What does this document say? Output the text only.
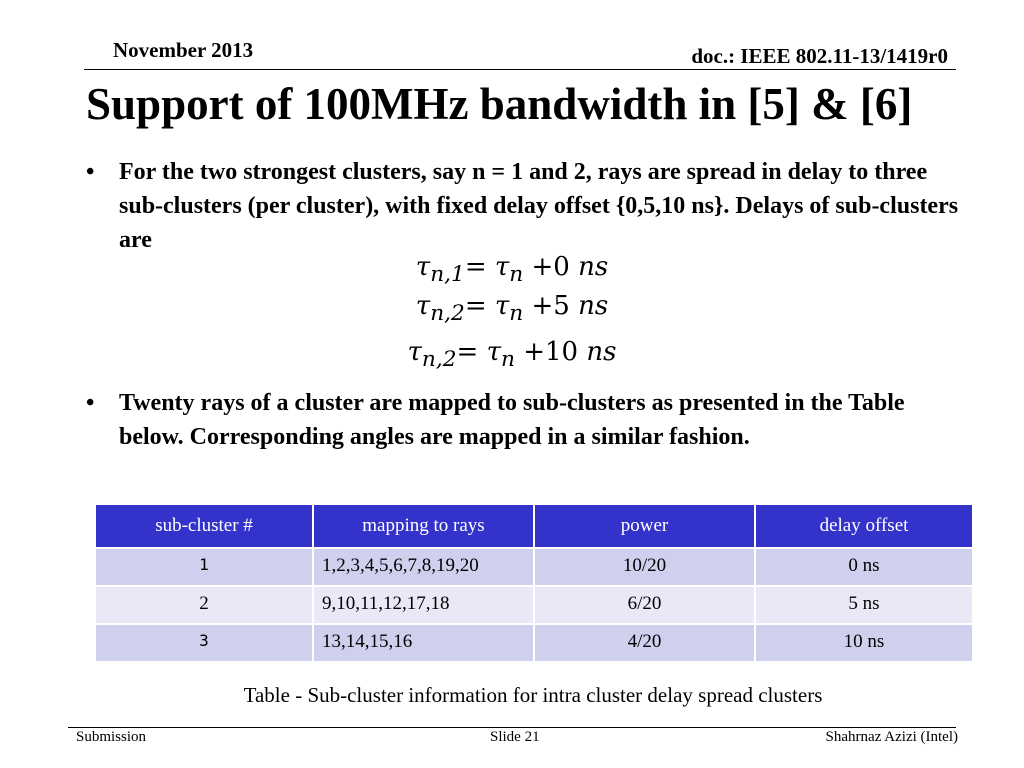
November 2013	doc.: IEEE 802.11-13/1419r0
Support of 100MHz bandwidth in [5] & [6]
•	For the two strongest clusters, say n = 1 and 2, rays are spread in delay to three sub-clusters (per cluster), with fixed delay offset {0,5,10 ns}. Delays of sub-clusters are
$\tau_{n,1}= \tau_n +0$ ns
$\tau_{n,2}= \tau_n +5$ ns
$\tau_{n,2}= \tau_n +10$ ns
•	Twenty rays of a cluster are mapped to sub-clusters as presented in the Table below. Corresponding angles are mapped in a similar fashion.
sub-cluster #	mapping to rays	power	delay offset
1	1,2,3,4,5,6,7,8,19,20	10/20	0 ns
2	9,10,11,12,17,18	6/20	5 ns
3	13,14,15,16	4/20	10 ns
Table - Sub-cluster information for intra cluster delay spread clusters
Submission	Slide 21	Shahrnaz Azizi (Intel)
